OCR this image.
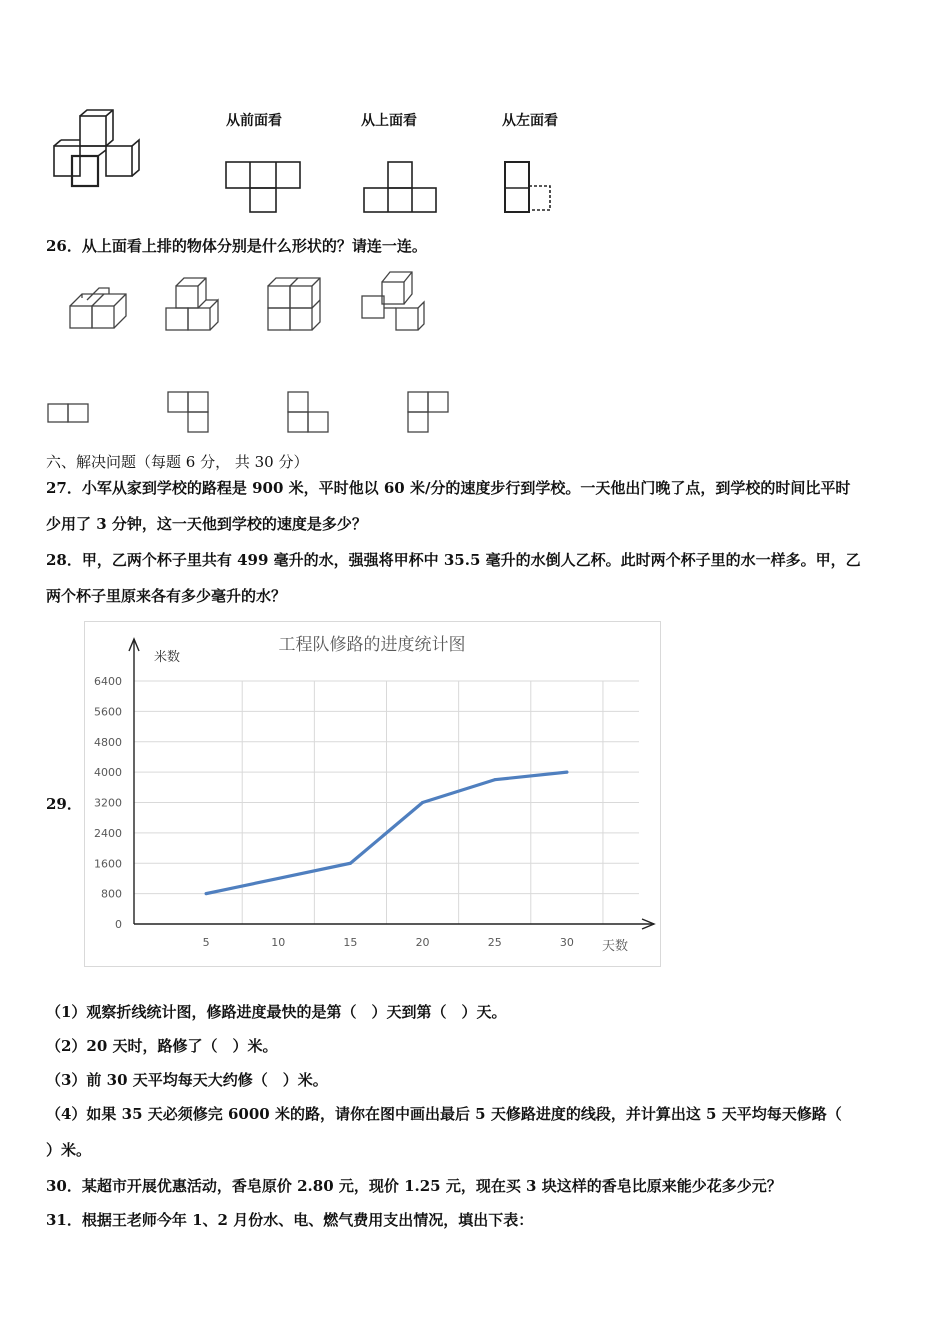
从前面看	从上面看	从左面看
26．从上面看上排的物体分别是什么形状的？请连一连。
六、解决问题（每题 6 分， 共 30 分）
27．小军从家到学校的路程是 900 米，平时他以 60 米/分的速度步行到学校。一天他出门晚了点，到学校的时间比平时
少用了 3 分钟，这一天他到学校的速度是多少？
28．甲，乙两个杯子里共有 499 毫升的水，强强将甲杯中 35.5 毫升的水倒人乙杯。此时两个杯子里的水一样多。甲，乙
两个杯子里原来各有多少毫升的水？
29．
工程队修路的进度统计图
米数
天数
0
800
1600
2400
3200
4000
4800
5600
6400
5	10	15	20	25	30
（1）观察折线统计图，修路进度最快的是第（　）天到第（　）天。
（2）20 天时，路修了（　）米。
（3）前 30 天平均每天大约修（　）米。
（4）如果 35 天必须修完 6000 米的路，请你在图中画出最后 5 天修路进度的线段，并计算出这 5 天平均每天修路（
）米。
30．某超市开展优惠活动，香皂原价 2.80 元，现价 1.25 元，现在买 3 块这样的香皂比原来能少花多少元？
31．根据王老师今年 1、2 月份水、电、燃气费用支出情况，填出下表：
